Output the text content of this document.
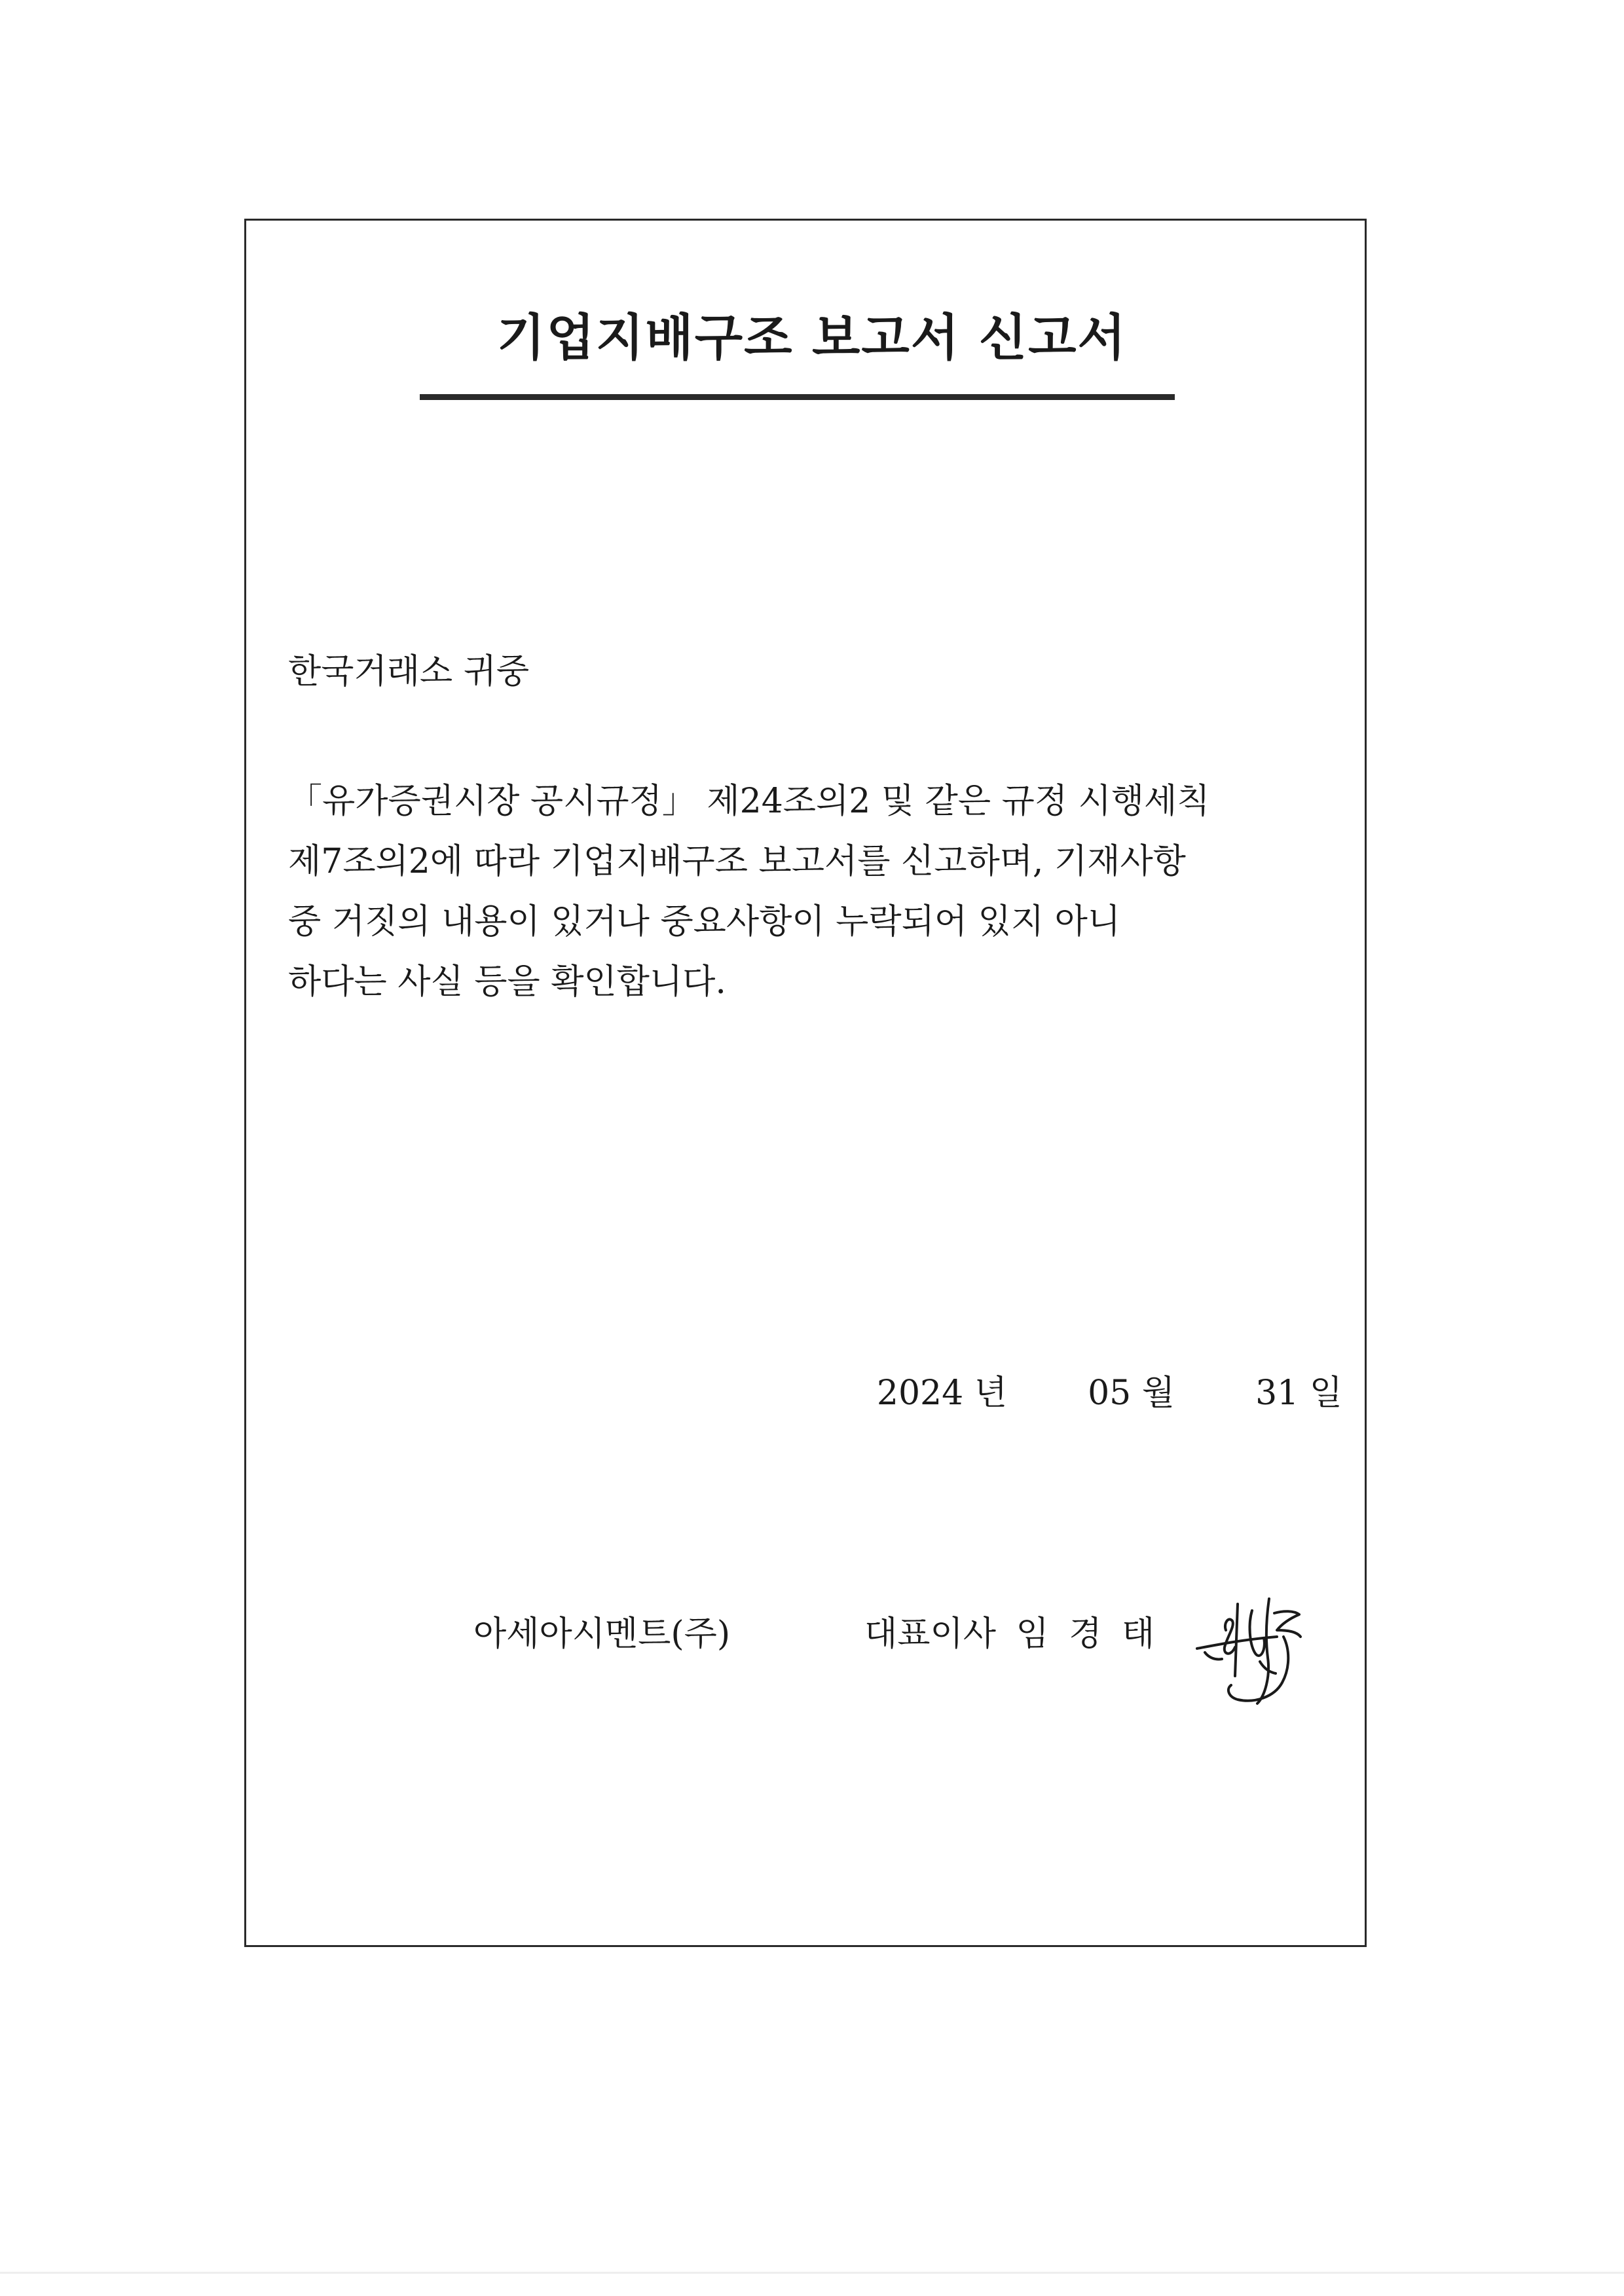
기업지배구조 보고서 신고서
한국거래소 귀중
「유가증권시장 공시규정」 제24조의2 및 같은 규정 시행세칙
제7조의2에 따라 기업지배구조 보고서를 신고하며, 기재사항
중 거짓의 내용이 있거나 중요사항이 누락되어 있지 아니
하다는 사실 등을 확인합니다.
2024 년 05 월 31 일
아세아시멘트(주)	대표이사 임 경 태
